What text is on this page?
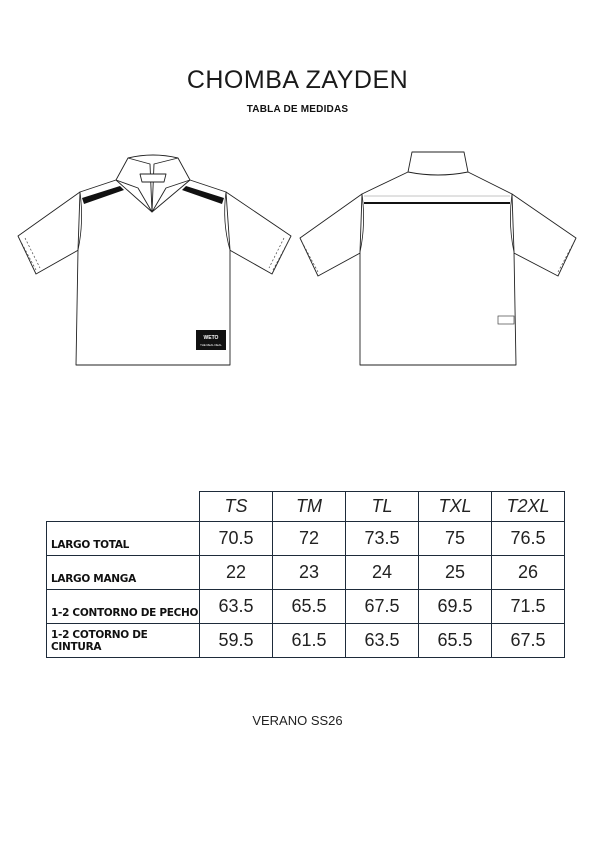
CHOMBA ZAYDEN
TABLA DE MEDIDAS
WETO
THE REAL DEAL
	TS	TM	TL	TXL	T2XL
LARGO TOTAL	70.5	72	73.5	75	76.5
LARGO MANGA	22	23	24	25	26
1-2 CONTORNO DE PECHO	63.5	65.5	67.5	69.5	71.5
1-2 COTORNO DE CINTURA	59.5	61.5	63.5	65.5	67.5
VERANO SS26
